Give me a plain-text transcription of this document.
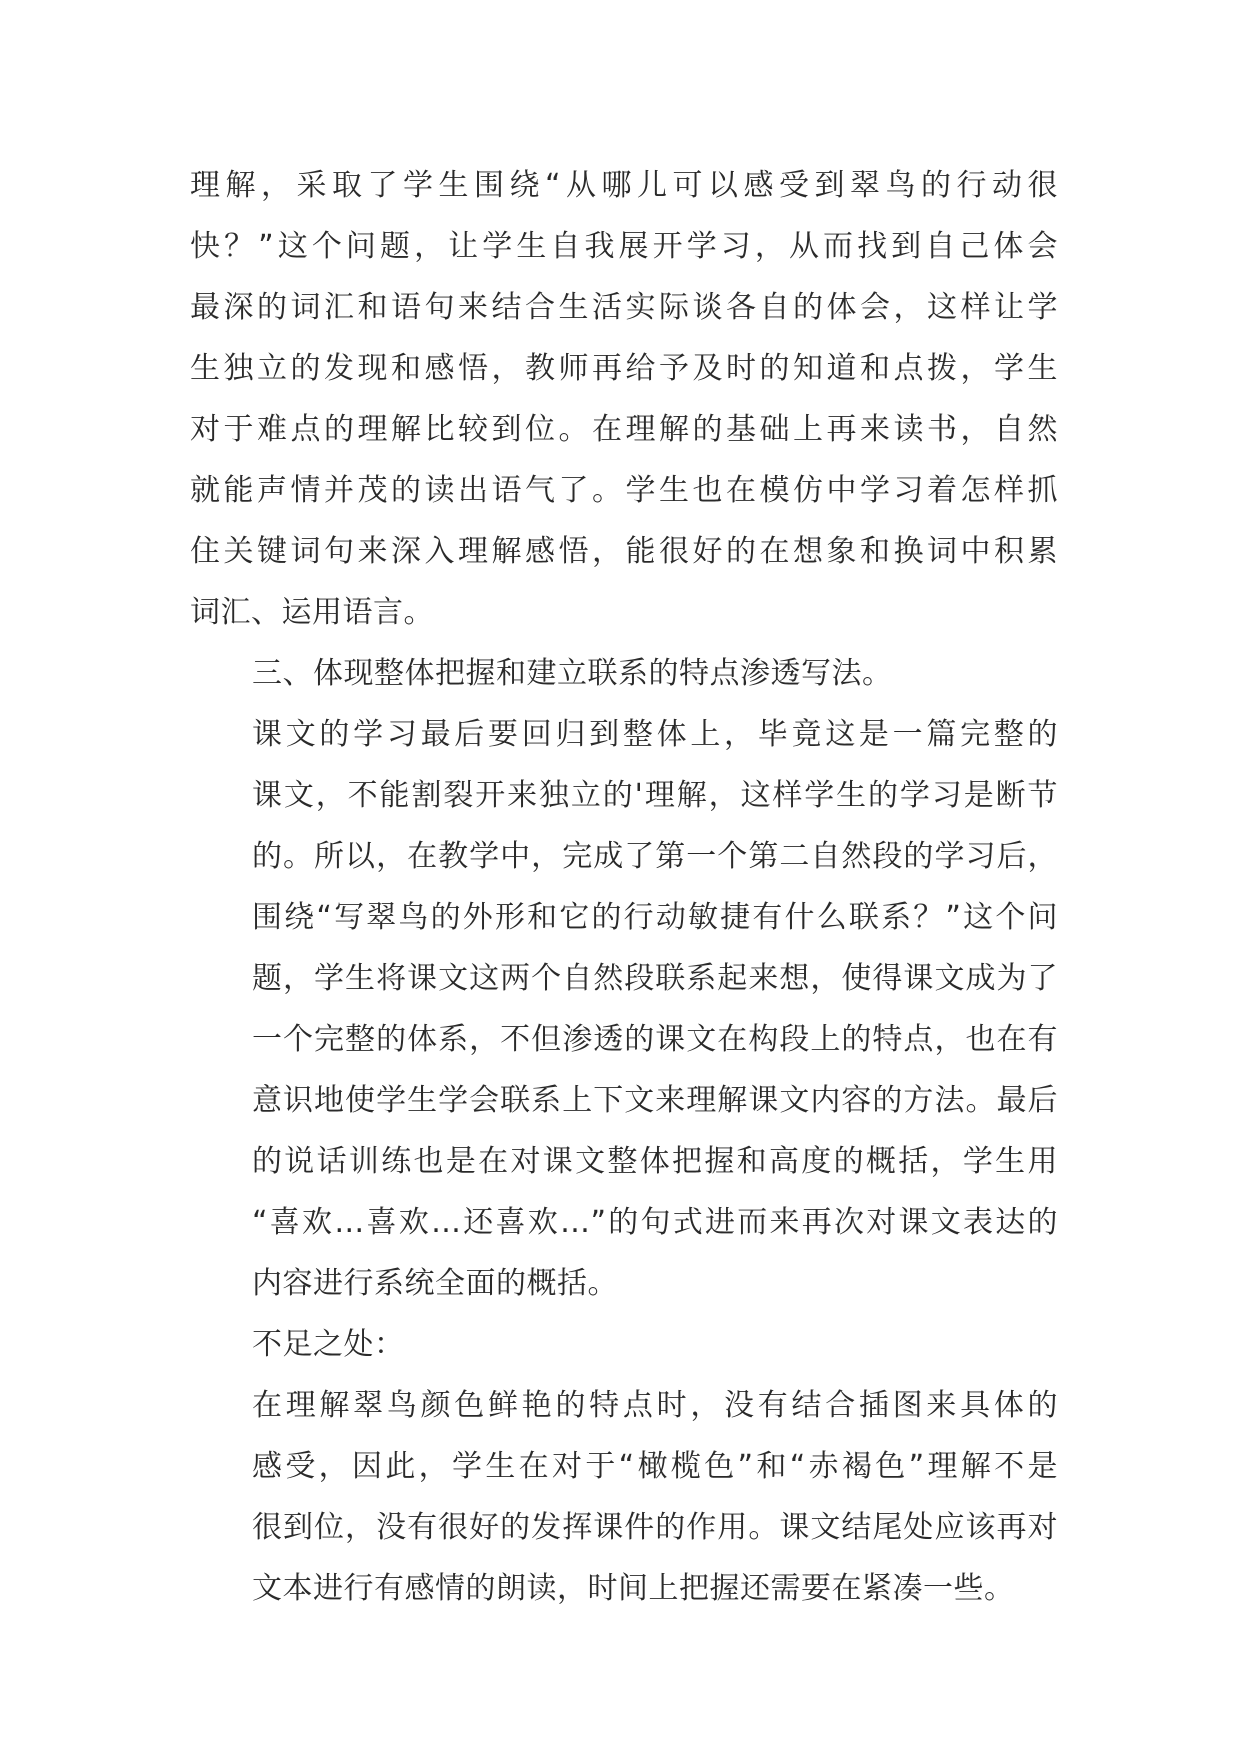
理解，采取了学生围绕“从哪儿可以感受到翠鸟的行动很
快？”这个问题，让学生自我展开学习，从而找到自己体会
最深的词汇和语句来结合生活实际谈各自的体会，这样让学
生独立的发现和感悟，教师再给予及时的知道和点拨，学生
对于难点的理解比较到位。在理解的基础上再来读书，自然
就能声情并茂的读出语气了。学生也在模仿中学习着怎样抓
住关键词句来深入理解感悟，能很好的在想象和换词中积累
词汇、运用语言。
三、体现整体把握和建立联系的特点渗透写法。
课文的学习最后要回归到整体上，毕竟这是一篇完整的
课文，不能割裂开来独立的'理解，这样学生的学习是断节
的。所以，在教学中，完成了第一个第二自然段的学习后，
围绕“写翠鸟的外形和它的行动敏捷有什么联系？”这个问
题，学生将课文这两个自然段联系起来想，使得课文成为了
一个完整的体系，不但渗透的课文在构段上的特点，也在有
意识地使学生学会联系上下文来理解课文内容的方法。最后
的说话训练也是在对课文整体把握和高度的概括，学生用
“喜欢…喜欢…还喜欢…”的句式进而来再次对课文表达的
内容进行系统全面的概括。
不足之处：
在理解翠鸟颜色鲜艳的特点时，没有结合插图来具体的
感受，因此，学生在对于“橄榄色”和“赤褐色”理解不是
很到位，没有很好的发挥课件的作用。课文结尾处应该再对
文本进行有感情的朗读，时间上把握还需要在紧凑一些。
